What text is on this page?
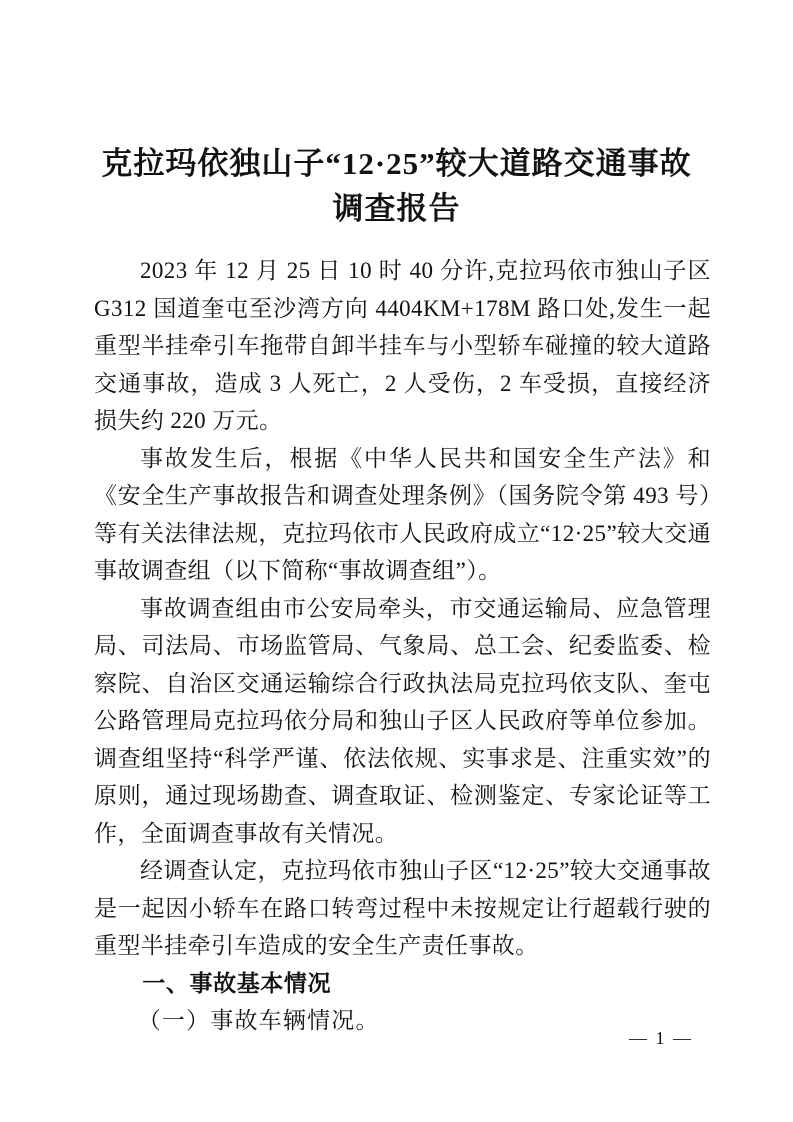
克拉玛依独山子“12·25”较大道路交通事故
调查报告

2023 年 12 月 25 日 10 时 40 分许,克拉玛依市独山子区 G312 国道奎屯至沙湾方向 4404KM+178M 路口处,发生一起重型半挂牵引车拖带自卸半挂车与小型轿车碰撞的较大道路交通事故，造成 3 人死亡，2 人受伤，2 车受损，直接经济损失约 220 万元。

事故发生后，根据《中华人民共和国安全生产法》和《安全生产事故报告和调查处理条例》（国务院令第 493 号）等有关法律法规，克拉玛依市人民政府成立“12·25”较大交通事故调查组（以下简称“事故调查组”）。

事故调查组由市公安局牵头，市交通运输局、应急管理局、司法局、市场监管局、气象局、总工会、纪委监委、检察院、自治区交通运输综合行政执法局克拉玛依支队、奎屯公路管理局克拉玛依分局和独山子区人民政府等单位参加。调查组坚持“科学严谨、依法依规、实事求是、注重实效”的原则，通过现场勘查、调查取证、检测鉴定、专家论证等工作，全面调查事故有关情况。

经调查认定，克拉玛依市独山子区“12·25”较大交通事故是一起因小轿车在路口转弯过程中未按规定让行超载行驶的重型半挂牵引车造成的安全生产责任事故。

一、事故基本情况

（一）事故车辆情况。

— 1 —
